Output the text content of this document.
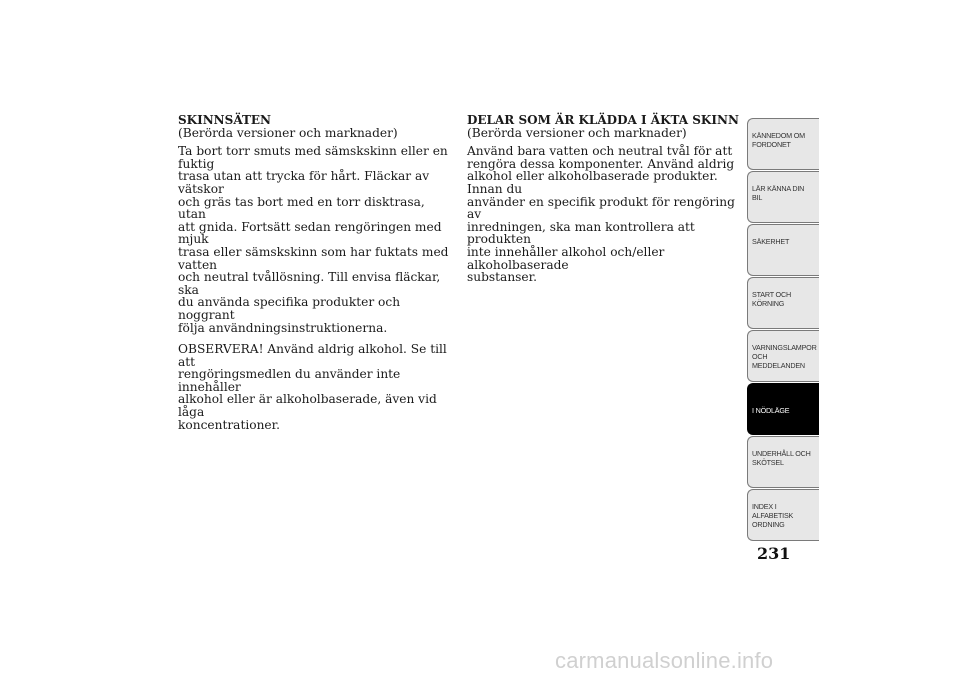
SKINNSÄTEN
(Berörda versioner och marknader)

Ta bort torr smuts med sämskskinn eller en fuktig
trasa utan att trycka för hårt. Fläckar av vätskor
och gräs tas bort med en torr disktrasa, utan
att gnida. Fortsätt sedan rengöringen med mjuk
trasa eller sämskskinn som har fuktats med vatten
och neutral tvållösning. Till envisa fläckar, ska
du använda specifika produkter och noggrant
följa användningsinstruktionerna.

OBSERVERA! Använd aldrig alkohol. Se till att
rengöringsmedlen du använder inte innehåller
alkohol eller är alkoholbaserade, även vid låga
koncentrationer.

DELAR SOM ÄR KLÄDDA I ÄKTA SKINN
(Berörda versioner och marknader)

Använd bara vatten och neutral tvål för att
rengöra dessa komponenter. Använd aldrig
alkohol eller alkoholbaserade produkter. Innan du
använder en specifik produkt för rengöring av
inredningen, ska man kontrollera att produkten
inte innehåller alkohol och/eller alkoholbaserade
substanser.

KÄNNEDOM OM
FORDONET
LÄR KÄNNA DIN
BIL
SÄKERHET
START OCH
KÖRNING
VARNINGSLAMPOR
OCH
MEDDELANDEN
I NÖDLÄGE
UNDERHÅLL OCH
SKÖTSEL
INDEX I
ALFABETISK
ORDNING
231
carmanualsonline.info
